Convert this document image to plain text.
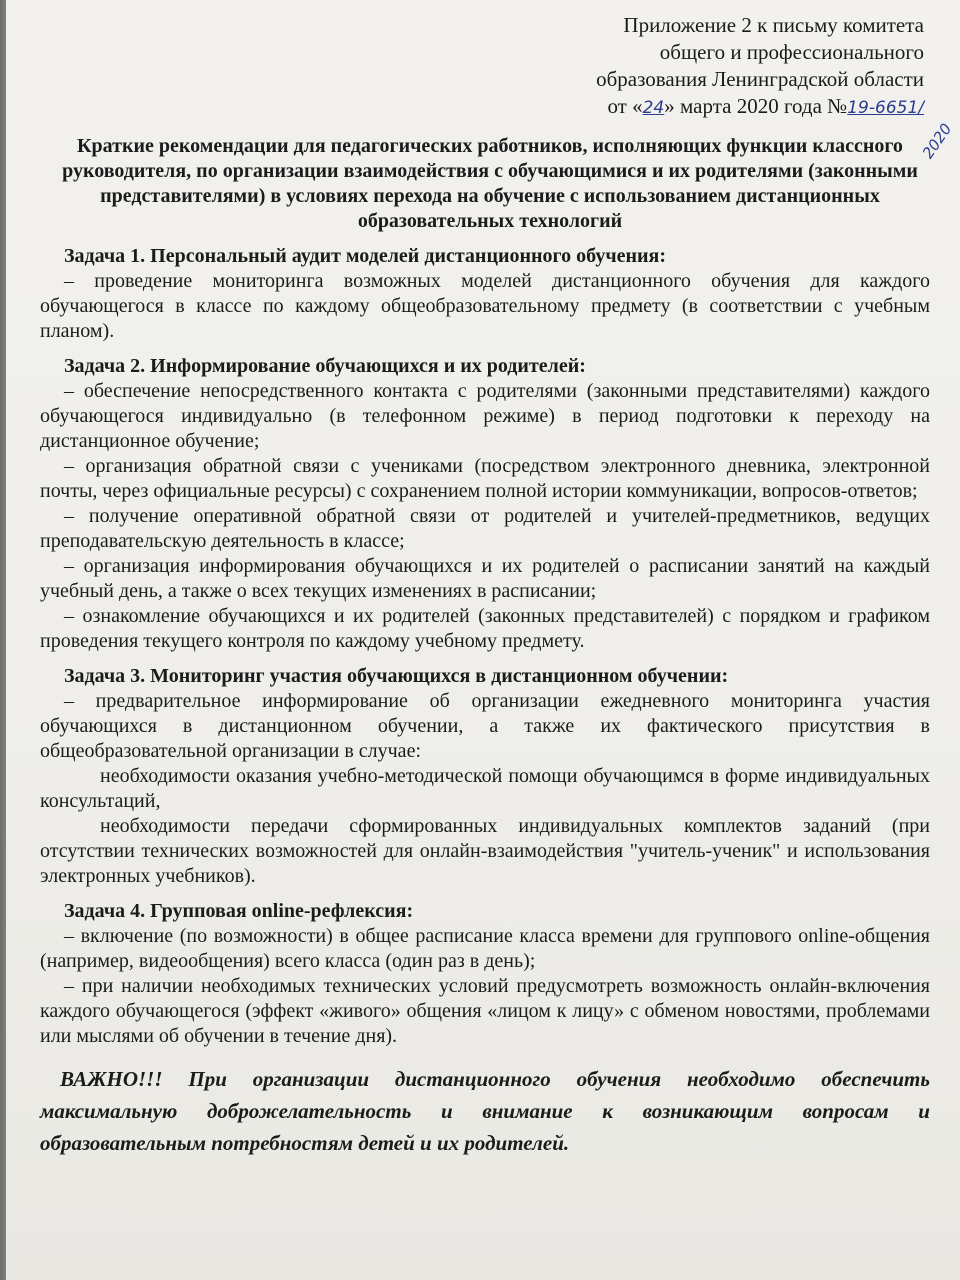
Приложение 2 к письму комитета
общего и профессионального
образования Ленинградской области
от «24» марта 2020 года №19-6651/
2020
Краткие рекомендации для педагогических работников, исполняющих функции классного руководителя, по организации взаимодействия с обучающимися и их родителями (законными представителями) в условиях перехода на обучение с использованием дистанционных образовательных технологий
Задача 1. Персональный аудит моделей дистанционного обучения:

– проведение мониторинга возможных моделей дистанционного обучения для каждого обучающегося в классе по каждому общеобразовательному предмету (в соответствии с учебным планом).

Задача 2. Информирование обучающихся и их родителей:

– обеспечение непосредственного контакта с родителями (законными представителями) каждого обучающегося индивидуально (в телефонном режиме) в период подготовки к переходу на дистанционное обучение;

– организация обратной связи с учениками (посредством электронного дневника, электронной почты, через официальные ресурсы) с сохранением полной истории коммуникации, вопросов-ответов;

– получение оперативной обратной связи от родителей и учителей-предметников, ведущих преподавательскую деятельность в классе;

– организация информирования обучающихся и их родителей о расписании занятий на каждый учебный день, а также о всех текущих изменениях в расписании;

– ознакомление обучающихся и их родителей (законных представителей) с порядком и графиком проведения текущего контроля по каждому учебному предмету.

Задача 3. Мониторинг участия обучающихся в дистанционном обучении:

– предварительное информирование об организации ежедневного мониторинга участия обучающихся в дистанционном обучении, а также их фактического присутствия в общеобразовательной организации в случае:

необходимости оказания учебно-методической помощи обучающимся в форме индивидуальных консультаций,

необходимости передачи сформированных индивидуальных комплектов заданий (при отсутствии технических возможностей для онлайн-взаимодействия "учитель-ученик" и использования электронных учебников).

Задача 4. Групповая online-рефлексия:

– включение (по возможности) в общее расписание класса времени для группового online-общения (например, видеообщения) всего класса (один раз в день);

– при наличии необходимых технических условий предусмотреть возможность онлайн-включения каждого обучающегося (эффект «живого» общения «лицом к лицу» с обменом новостями, проблемами или мыслями об обучении в течение дня).

ВАЖНО!!! При организации дистанционного обучения необходимо обеспечить максимальную доброжелательность и внимание к возникающим вопросам и образовательным потребностям детей и их родителей.
